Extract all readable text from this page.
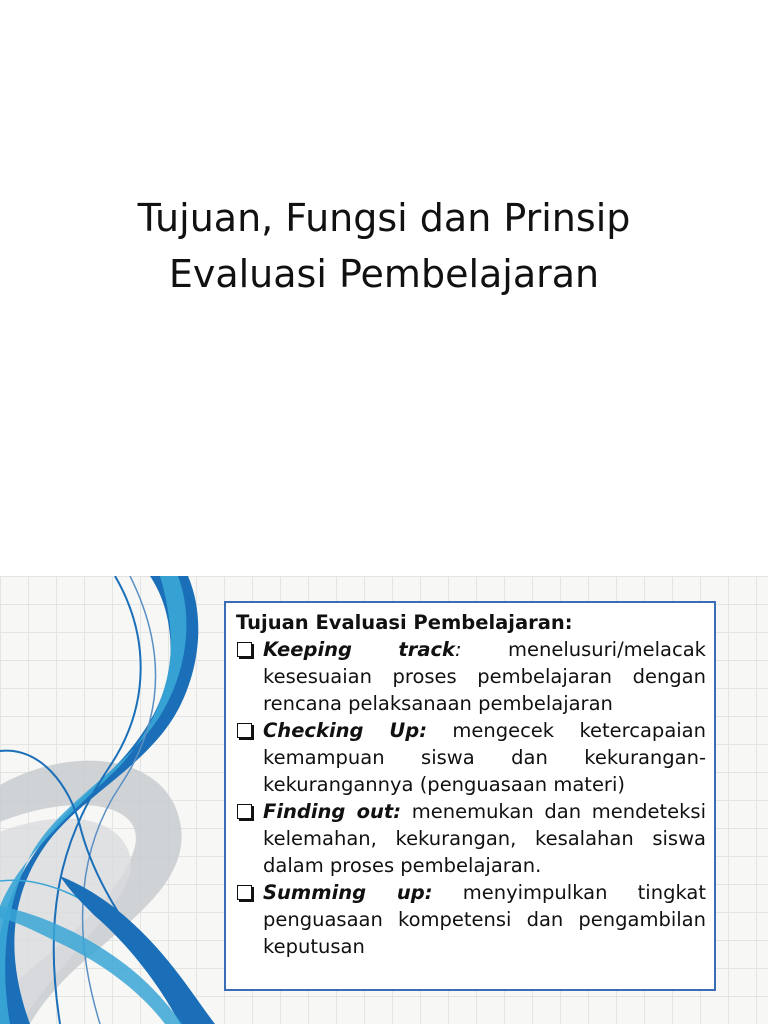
Tujuan, Fungsi dan Prinsip
Evaluasi Pembelajaran

Tujuan Evaluasi Pembelajaran:

Keeping track: menelusuri/melacak
kesesuaian proses pembelajaran dengan rencana pelaksanaan pembelajaran
Checking Up: mengecek ketercapaian kemampuan siswa dan kekurangan-kekurangannya (penguasaan materi)
Finding out: menemukan dan mendeteksi kelemahan, kekurangan, kesalahan siswa dalam proses pembelajaran.
Summing up: menyimpulkan tingkat penguasaan kompetensi dan pengambilan keputusan
